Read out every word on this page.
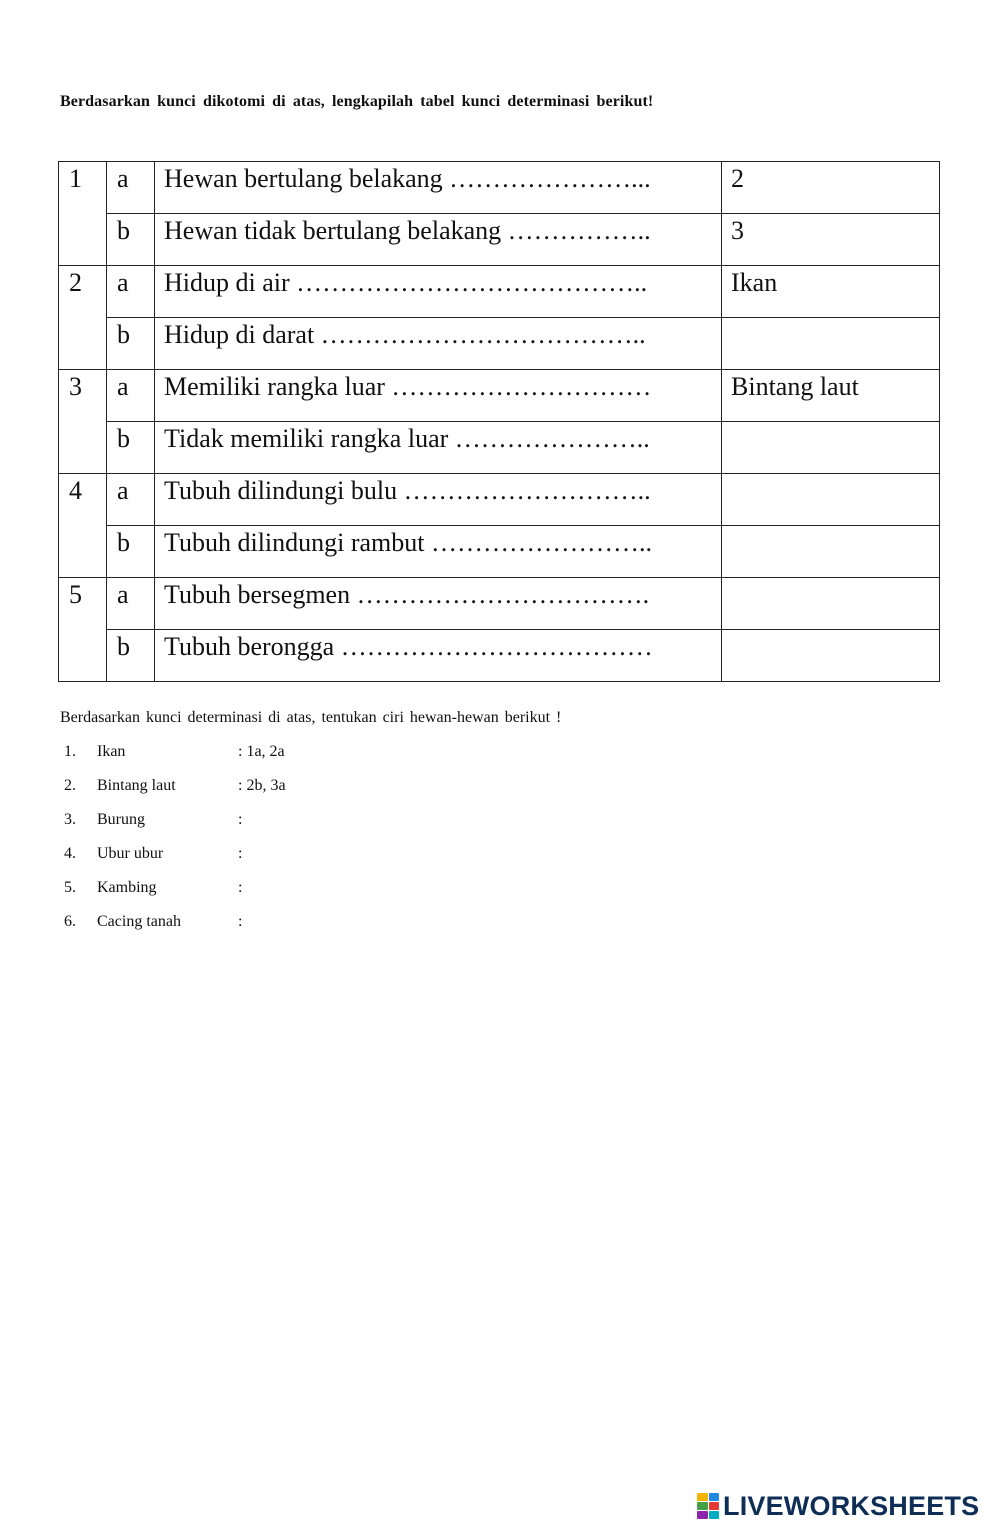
Berdasarkan kunci dikotomi di atas, lengkapilah tabel kunci determinasi berikut!
1	a	Hewan bertulang belakang …………………...	2
	b	Hewan tidak bertulang belakang ……………..	3
2	a	Hidup di air …………………………………..	Ikan
	b	Hidup di darat ………………………………..	
3	a	Memiliki rangka luar …………………………	Bintang laut
	b	Tidak memiliki rangka luar …………………..	
4	a	Tubuh dilindungi bulu ………………………..	
	b	Tubuh dilindungi rambut ……………………..	
5	a	Tubuh bersegmen …………………………….	
	b	Tubuh berongga ………………………………	
Berdasarkan kunci determinasi di atas, tentukan ciri hewan-hewan berikut !
1. Ikan	: 1a, 2a
2. Bintang laut	: 2b, 3a
3. Burung	:
4. Ubur ubur	:
5. Kambing	:
6. Cacing tanah	:
LIVEWORKSHEETS
